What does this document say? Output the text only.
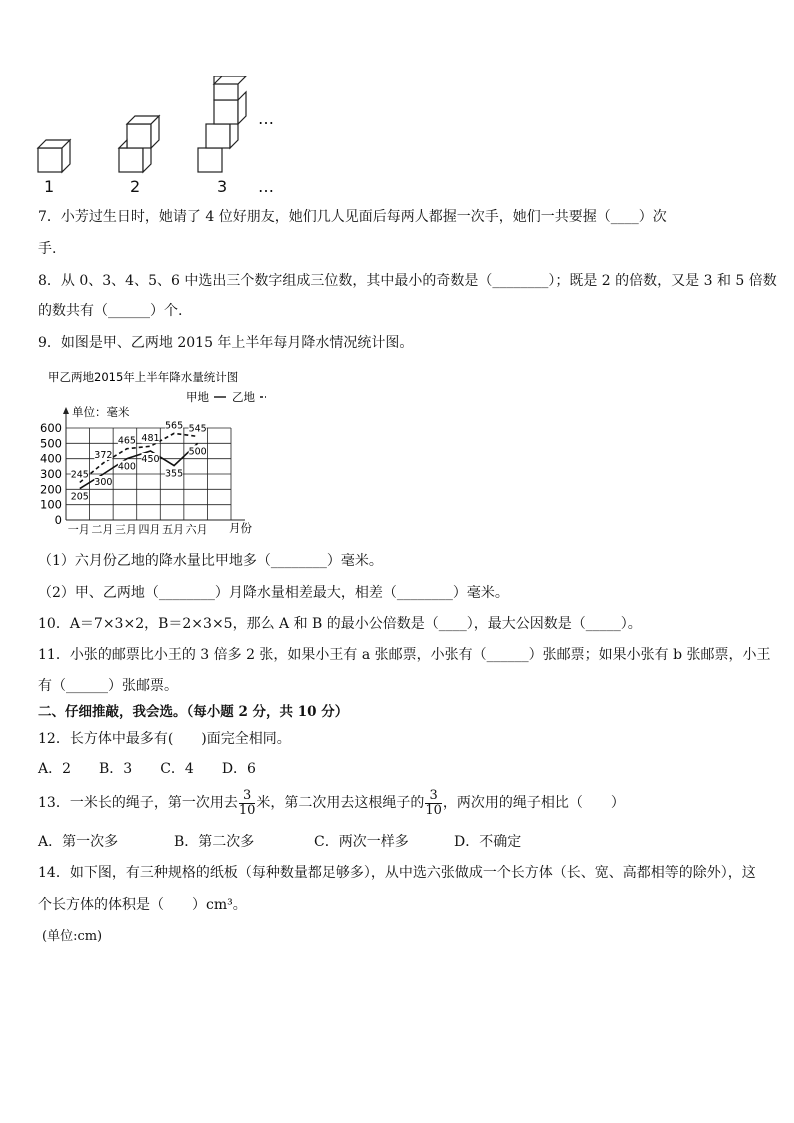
1	2	3
…
…
7．小芳过生日时，她请了 4 位好朋友，她们几人见面后每两人都握一次手，她们一共要握（____）次
手.
8．从 0、3、4、5、6 中选出三个数字组成三位数，其中最小的奇数是（________）；既是 2 的倍数，又是 3 和 5 倍数
的数共有（______）个.
9．如图是甲、乙两地 2015 年上半年每月降水情况统计图。
甲乙两地2015年上半年降水量统计图
甲地 乙地
单位：毫米
0
100
200
300
400
500
600
一月 二月 三月 四月 五月 六月
205
300
400
450
355
500
245
372
465 481
565 545
月份
（1）六月份乙地的降水量比甲地多（________）毫米。
（2）甲、乙两地（________）月降水量相差最大，相差（________）毫米。
10．A＝7×3×2，B＝2×3×5，那么 A 和 B 的最小公倍数是（____），最大公因数是（_____）。
11．小张的邮票比小王的 3 倍多 2 张，如果小王有 a 张邮票，小张有（______）张邮票；如果小张有 b 张邮票，小王
有（______）张邮票。
二、仔细推敲，我会选。（每小题 2 分，共 10 分）
12．长方体中最多有(　　)面完全相同。
A．2　　B．3　　C．4　　D．6
13．一米长的绳子，第一次用去 $\frac{3}{10}$ 米，第二次用去这根绳子的 $\frac{3}{10}$ ，两次用的绳子相比（　　）
A．第一次多	B．第二次多	C．两次一样多	D．不确定
14．如下图，有三种规格的纸板（每种数量都足够多），从中选六张做成一个长方体（长、宽、高都相等的除外），这
个长方体的体积是（　　）cm³。
(单位:cm)
